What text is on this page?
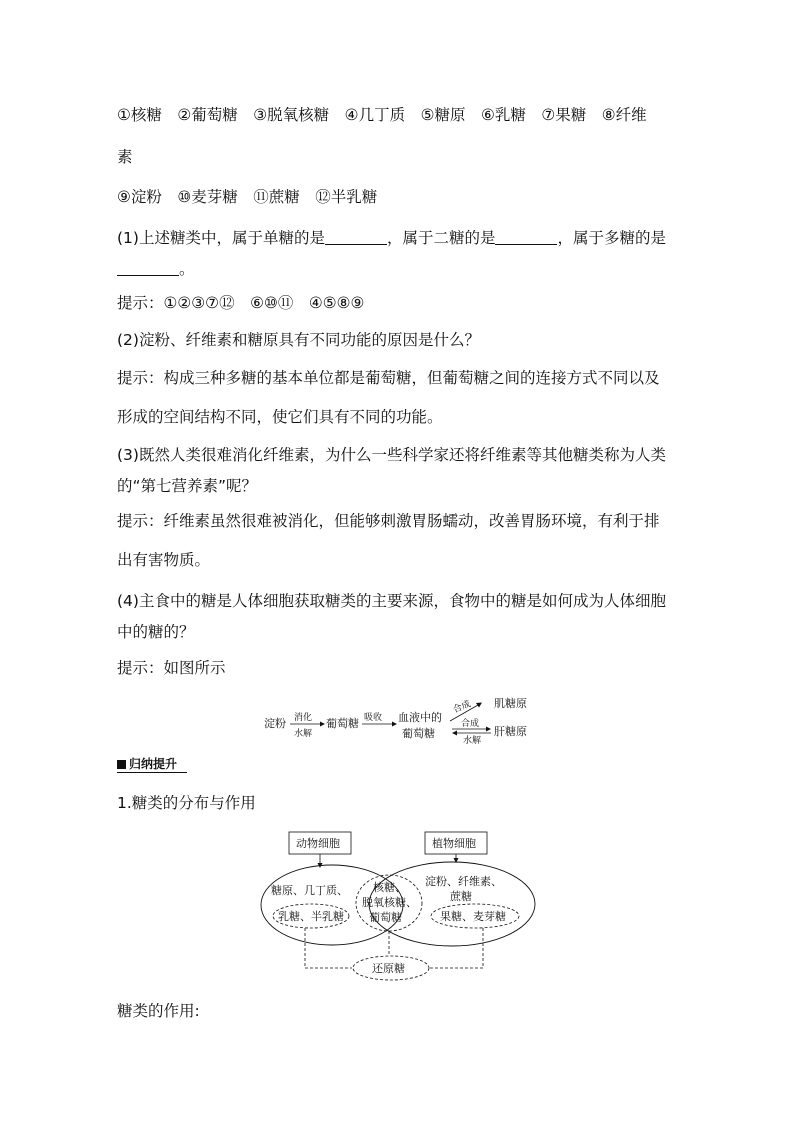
①核糖　②葡萄糖　③脱氧核糖　④几丁质　⑤糖原　⑥乳糖　⑦果糖　⑧纤维
素
⑨淀粉　⑩麦芽糖　⑪蔗糖　⑫半乳糖
(1)上述糖类中，属于单糖的是	，属于二糖的是	，属于多糖的是
。
提示：①②③⑦⑫　⑥⑩⑪　④⑤⑧⑨
(2)淀粉、纤维素和糖原具有不同功能的原因是什么？
提示：构成三种多糖的基本单位都是葡萄糖，但葡萄糖之间的连接方式不同以及
形成的空间结构不同，使它们具有不同的功能。
(3)既然人类很难消化纤维素，为什么一些科学家还将纤维素等其他糖类称为人类
的“第七营养素”呢？
提示：纤维素虽然很难被消化，但能够刺激胃肠蠕动，改善胃肠环境，有利于排
出有害物质。
(4)主食中的糖是人体细胞获取糖类的主要来源，食物中的糖是如何成为人体细胞
中的糖的？
提示：如图所示
淀粉 消化
水解
葡萄糖 吸收 血液中的
葡萄糖
合成 肌糖原
合成
水解
肝糖原
归纳提升
1.糖类的分布与作用
动物细胞	植物细胞
糖原、几丁质、
乳糖、半乳糖
核糖、
脱氧核糖、
葡萄糖
淀粉、纤维素、
蔗糖
果糖、麦芽糖
还原糖
糖类的作用:
